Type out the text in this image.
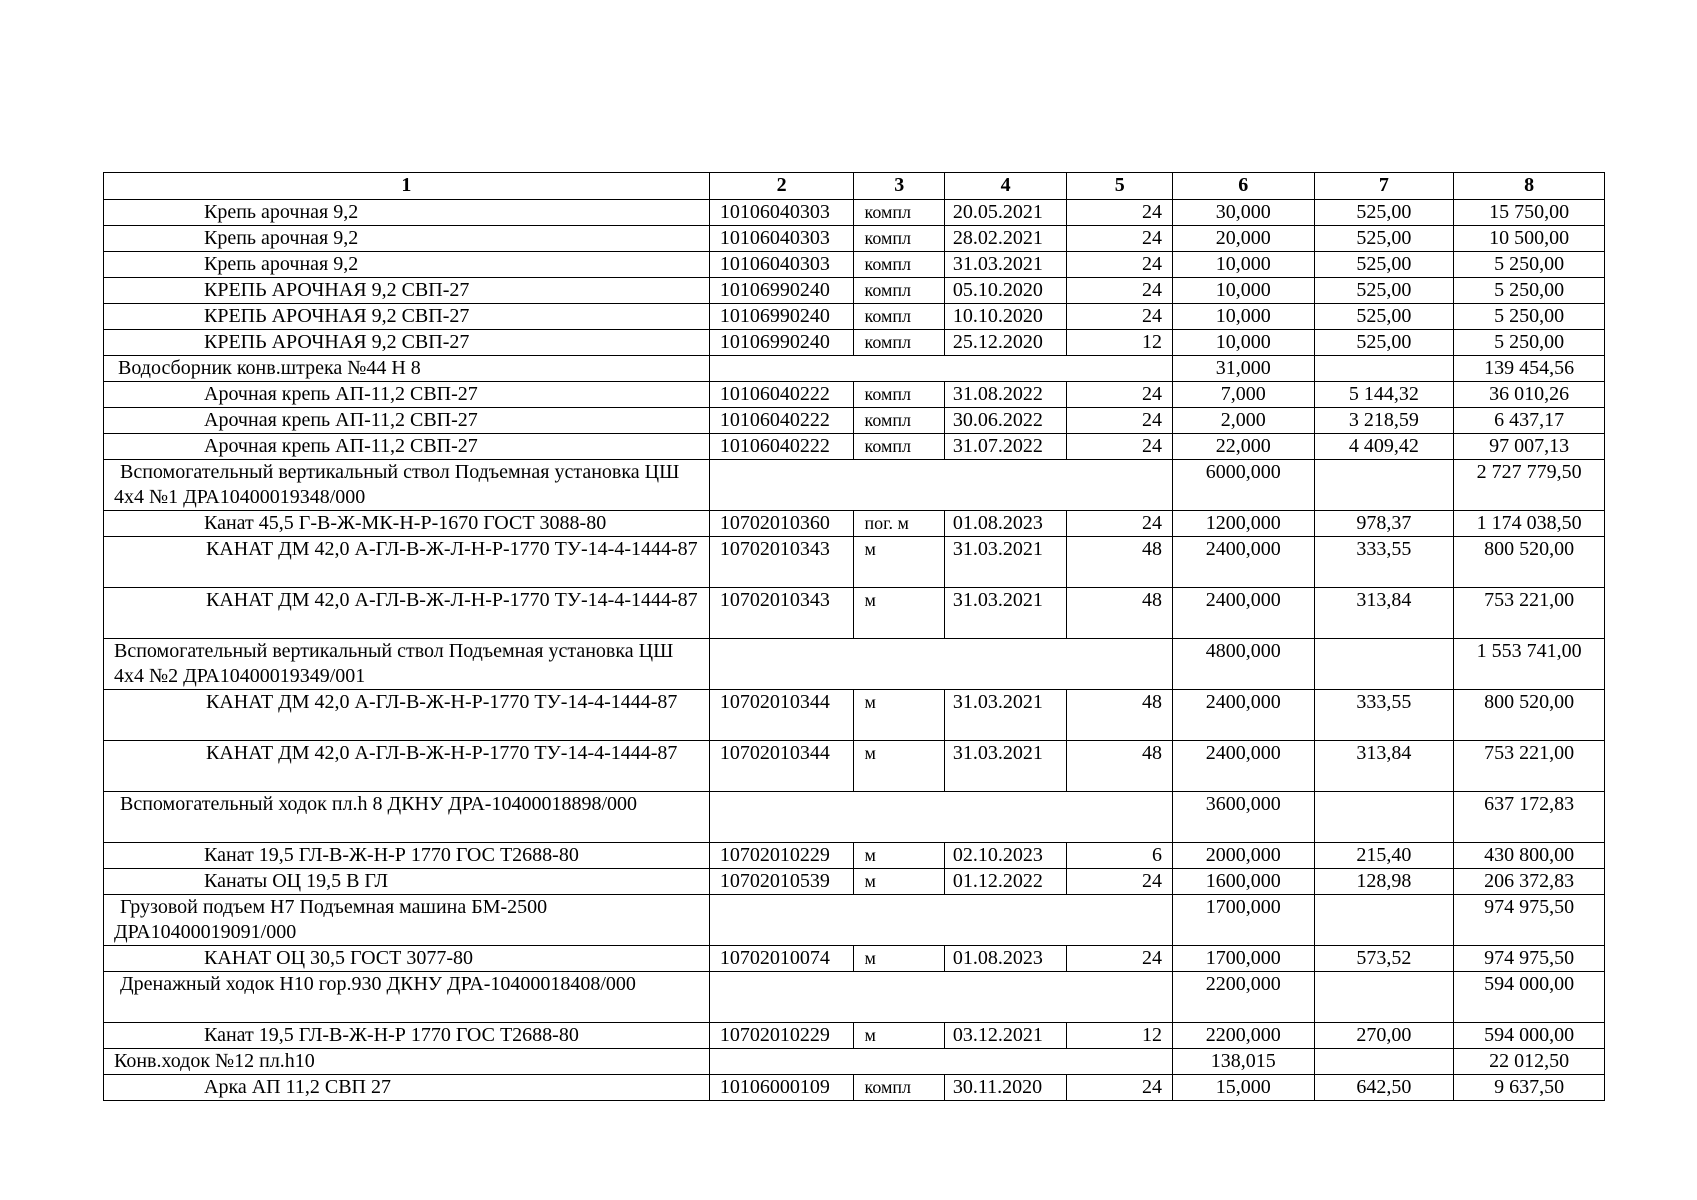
1	2	3	4	5	6	7	8

Крепь арочная 9,2	10106040303	компл	20.05.2021	24	30,000	525,00	15 750,00

Крепь арочная 9,2	10106040303	компл	28.02.2021	24	20,000	525,00	10 500,00

Крепь арочная 9,2	10106040303	компл	31.03.2021	24	10,000	525,00	5 250,00

КРЕПЬ АРОЧНАЯ 9,2 СВП-27	10106990240	компл	05.10.2020	24	10,000	525,00	5 250,00

КРЕПЬ АРОЧНАЯ 9,2 СВП-27	10106990240	компл	10.10.2020	24	10,000	525,00	5 250,00

КРЕПЬ АРОЧНАЯ 9,2 СВП-27	10106990240	компл	25.12.2020	12	10,000	525,00	5 250,00

Водосборник конв.штрека №44 Н 8					31,000		139 454,56

Арочная крепь АП-11,2 СВП-27	10106040222	компл	31.08.2022	24	7,000	5 144,32	36 010,26

Арочная крепь АП-11,2 СВП-27	10106040222	компл	30.06.2022	24	2,000	3 218,59	6 437,17

Арочная крепь АП-11,2 СВП-27	10106040222	компл	31.07.2022	24	22,000	4 409,42	97 007,13

Вспомогательный вертикальный ствол Подъемная установка ЦШ 4х4 №1 ДРА10400019348/000					6000,000		2 727 779,50

Канат 45,5 Г-В-Ж-МК-Н-Р-1670 ГОСТ 3088-80	10702010360	пог. м	01.08.2023	24	1200,000	978,37	1 174 038,50

КАНАТ ДМ 42,0 А-ГЛ-В-Ж-Л-Н-Р-1770 ТУ-14-4-1444-87	10702010343	м	31.03.2021	48	2400,000	333,55	800 520,00

КАНАТ ДМ 42,0 А-ГЛ-В-Ж-Л-Н-Р-1770 ТУ-14-4-1444-87	10702010343	м	31.03.2021	48	2400,000	313,84	753 221,00

Вспомогательный вертикальный ствол Подъемная установка ЦШ 4х4 №2 ДРА10400019349/001					4800,000		1 553 741,00

КАНАТ ДМ 42,0 А-ГЛ-В-Ж-Н-Р-1770 ТУ-14-4-1444-87	10702010344	м	31.03.2021	48	2400,000	333,55	800 520,00

КАНАТ ДМ 42,0 А-ГЛ-В-Ж-Н-Р-1770 ТУ-14-4-1444-87	10702010344	м	31.03.2021	48	2400,000	313,84	753 221,00

Вспомогательный ходок пл.h 8 ДКНУ ДРА-10400018898/000					3600,000		637 172,83

Канат 19,5 ГЛ-В-Ж-Н-Р 1770 ГОС Т2688-80	10702010229	м	02.10.2023	6	2000,000	215,40	430 800,00

Канаты ОЦ 19,5 В ГЛ	10702010539	м	01.12.2022	24	1600,000	128,98	206 372,83

Грузовой подъем Н7 Подъемная машина БМ-2500 ДРА10400019091/000					1700,000		974 975,50

КАНАТ ОЦ 30,5 ГОСТ 3077-80	10702010074	м	01.08.2023	24	1700,000	573,52	974 975,50

Дренажный ходок Н10 гор.930 ДКНУ ДРА-10400018408/000					2200,000		594 000,00

Канат 19,5 ГЛ-В-Ж-Н-Р 1770 ГОС Т2688-80	10702010229	м	03.12.2021	12	2200,000	270,00	594 000,00

Конв.ходок №12 пл.h10					138,015		22 012,50

Арка АП 11,2 СВП 27	10106000109	компл	30.11.2020	24	15,000	642,50	9 637,50
